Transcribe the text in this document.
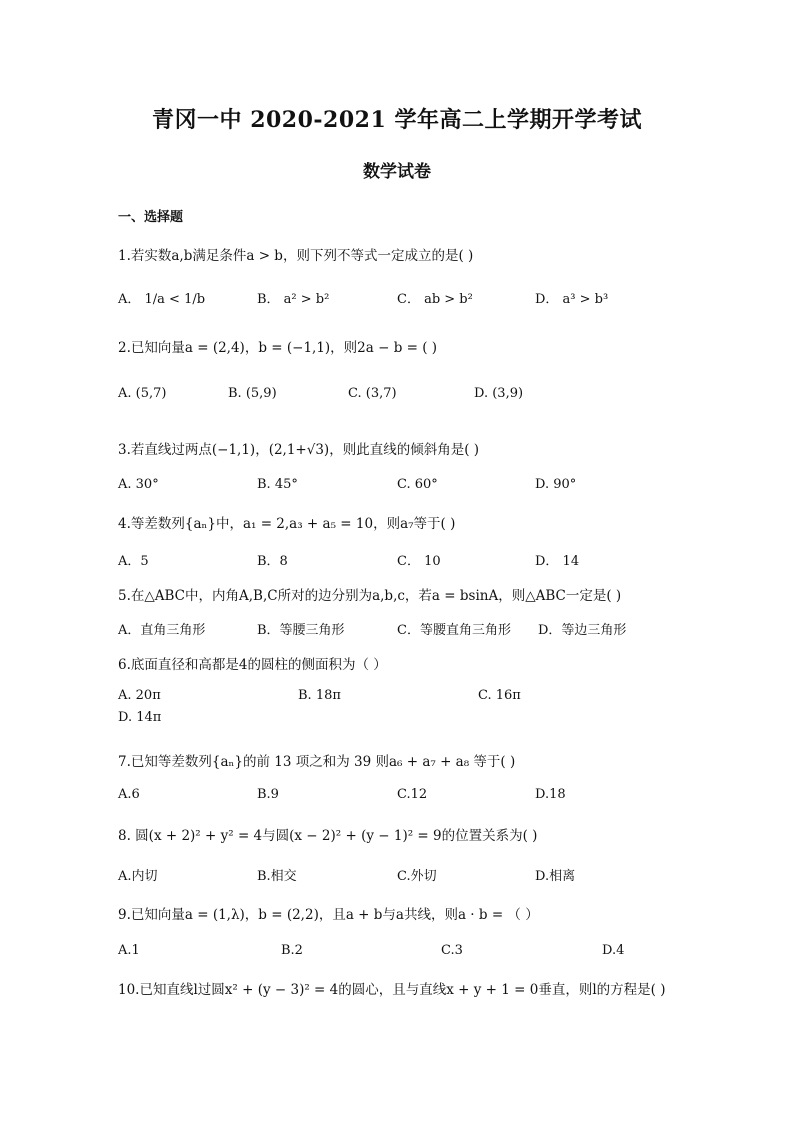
青冈一中 2020-2021 学年高二上学期开学考试
数学试卷
一、选择题
1.若实数a,b满足条件a > b，则下列不等式一定成立的是( )
A． 1/a < 1/b	B． a² > b²	C． ab > b²	D． a³ > b³
2.已知向量a = (2,4)，b = (−1,1)，则2a − b = ( )
A. (5,7)	B. (5,9)	C. (3,7)	D. (3,9)
3.若直线过两点(−1,1)，(2,1+√3)，则此直线的倾斜角是( )
A. 30°	B. 45°	C. 60°	D. 90°
4.等差数列{aₙ}中，a₁ = 2,a₃ + a₅ = 10，则a₇等于( )
A．5	B．8	C． 10	D． 14
5.在△ABC中，内角A,B,C所对的边分别为a,b,c，若a = bsinA，则△ABC一定是( )
A．直角三角形	B．等腰三角形	C．等腰直角三角形 D．等边三角形
6.底面直径和高都是4的圆柱的侧面积为（ ）
A. 20π	B. 18π	C. 16π
D. 14π
7.已知等差数列{aₙ}的前 13 项之和为 39 则a₆ + a₇ + a₈ 等于( )
A.6	B.9	C.12	D.18
8. 圆(x + 2)² + y² = 4与圆(x − 2)² + (y − 1)² = 9的位置关系为( )
A.内切	B.相交	C.外切	D.相离
9.已知向量a = (1,λ)，b = (2,2)，且a + b与a共线，则a · b = （ ）
A.1	B.2	C.3	D.4
10.已知直线l过圆x² + (y − 3)² = 4的圆心，且与直线x + y + 1 = 0垂直，则l的方程是( )
